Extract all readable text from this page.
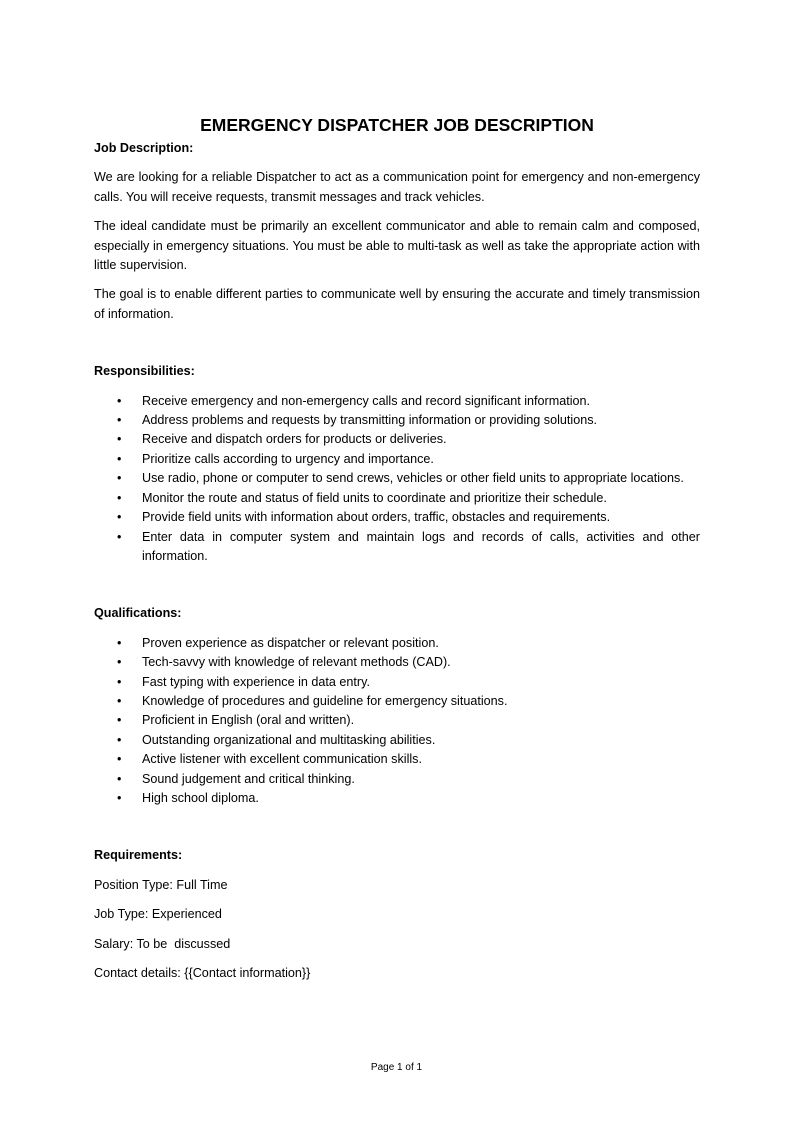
EMERGENCY DISPATCHER JOB DESCRIPTION
Job Description:

We are looking for a reliable Dispatcher to act as a communication point for emergency and non-emergency calls. You will receive requests, transmit messages and track vehicles.

The ideal candidate must be primarily an excellent communicator and able to remain calm and composed, especially in emergency situations. You must be able to multi-task as well as take the appropriate action with little supervision.

The goal is to enable different parties to communicate well by ensuring the accurate and timely transmission of information.

Responsibilities:
• Receive emergency and non-emergency calls and record significant information.
• Address problems and requests by transmitting information or providing solutions.
• Receive and dispatch orders for products or deliveries.
• Prioritize calls according to urgency and importance.
• Use radio, phone or computer to send crews, vehicles or other field units to appropriate locations.
• Monitor the route and status of field units to coordinate and prioritize their schedule.
• Provide field units with information about orders, traffic, obstacles and requirements.
• Enter data in computer system and maintain logs and records of calls, activities and other information.
Qualifications:
• Proven experience as dispatcher or relevant position.
• Tech-savvy with knowledge of relevant methods (CAD).
• Fast typing with experience in data entry.
• Knowledge of procedures and guideline for emergency situations.
• Proficient in English (oral and written).
• Outstanding organizational and multitasking abilities.
• Active listener with excellent communication skills.
• Sound judgement and critical thinking.
• High school diploma.
Requirements:

Position Type: Full Time

Job Type: Experienced

Salary: To be  discussed

Contact details: {{Contact information}}

Page 1 of 1
